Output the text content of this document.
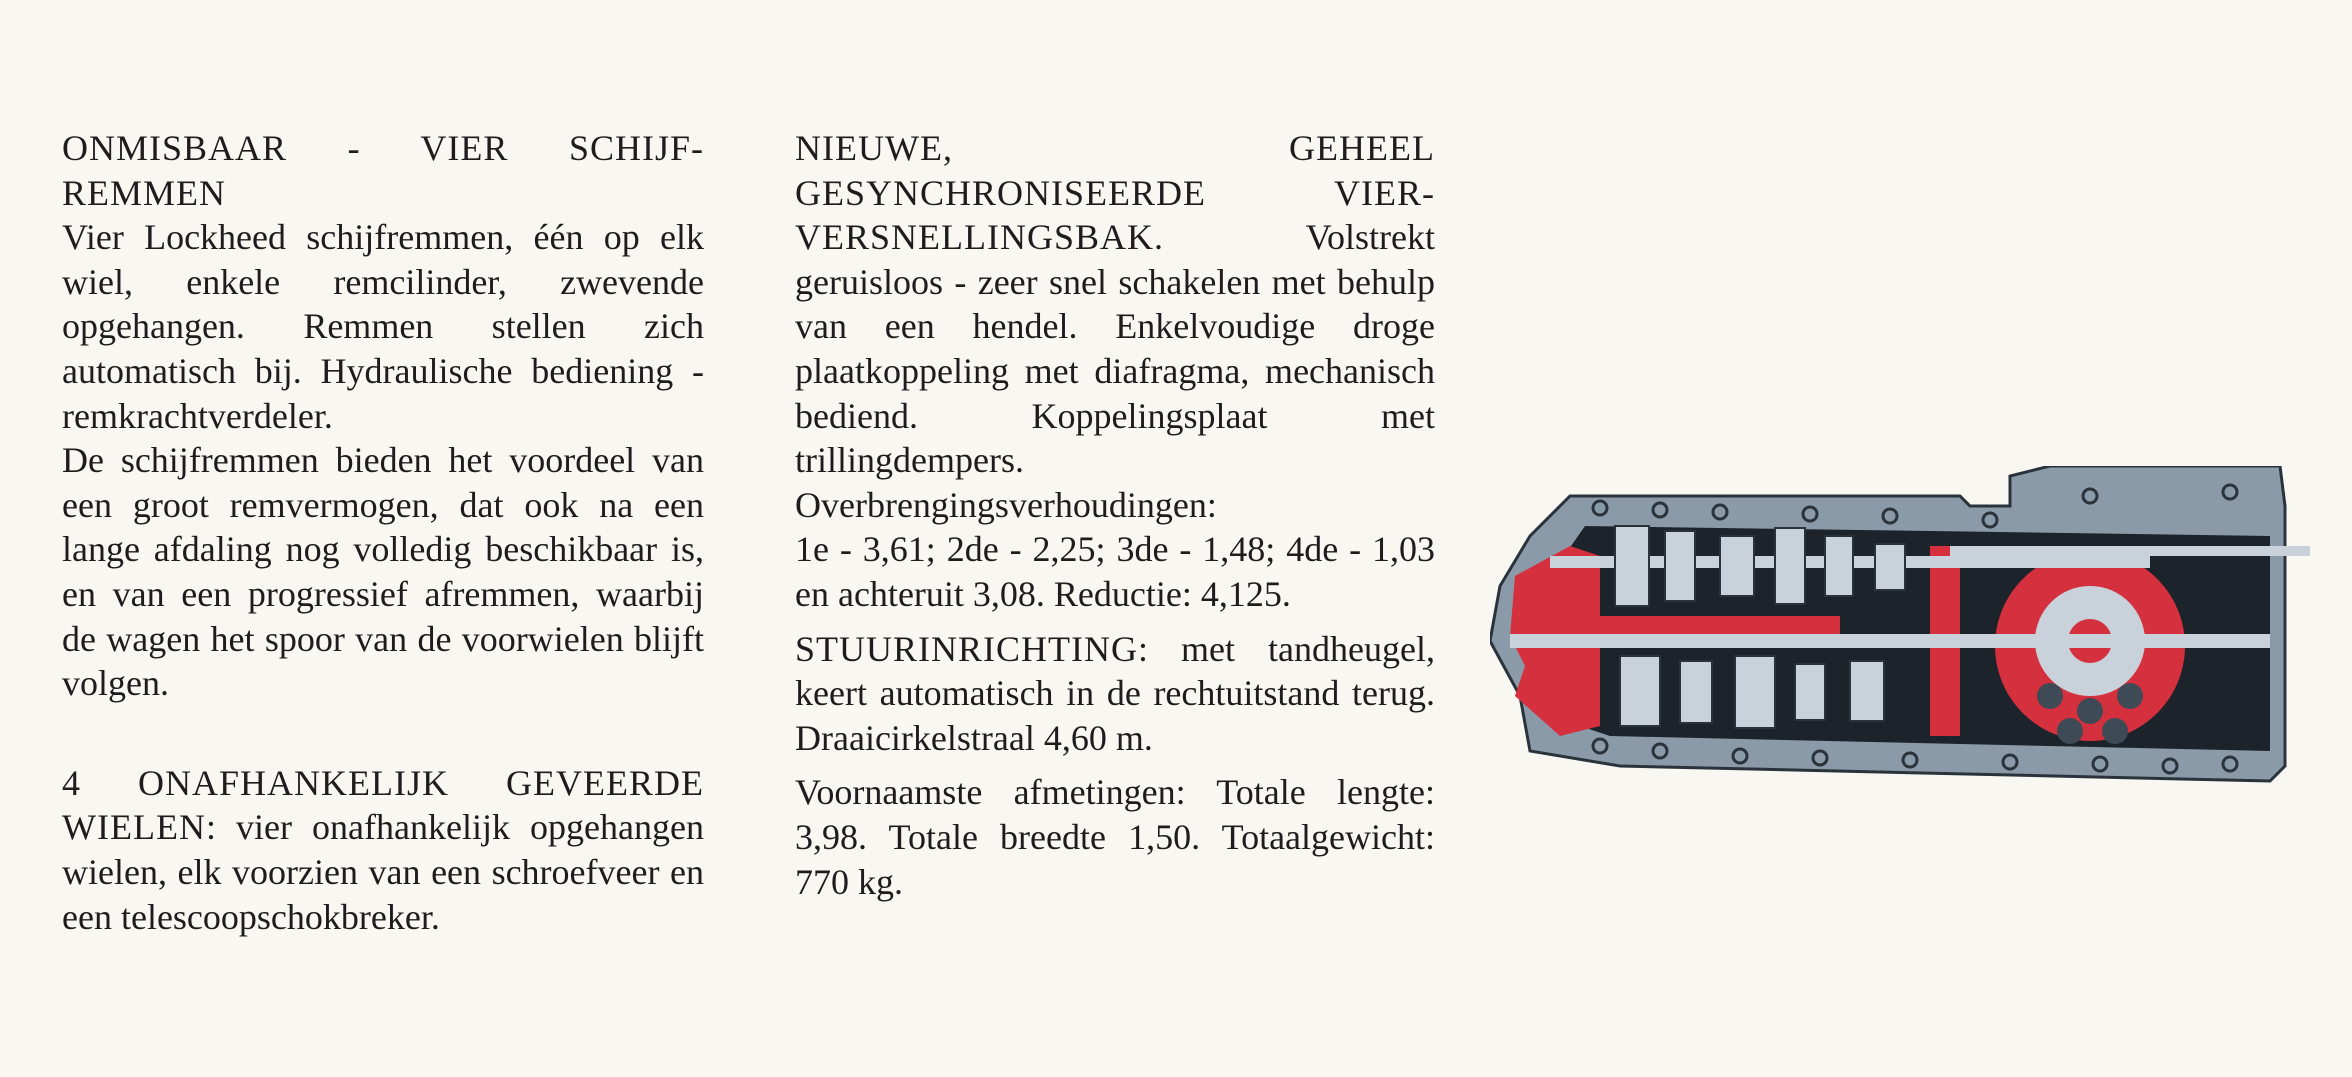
ONMISBAAR - VIER SCHIJF-REMMEN

Vier Lockheed schijfremmen, één op elk wiel, enkele remcilinder, zwevende opgehangen. Remmen stellen zich automatisch bij. Hydraulische bediening - remkrachtverdeler.

De schijfremmen bieden het voordeel van een groot remvermogen, dat ook na een lange afdaling nog volledig beschikbaar is, en van een progressief afremmen, waarbij de wagen het spoor van de voorwielen blijft volgen.

4 ONAFHANKELIJK GEVEERDE WIELEN: vier onafhankelijk opgehangen wielen, elk voorzien van een schroefveer en een telescoopschokbreker.

NIEUWE, GEHEEL GESYNCHRONISEERDE VIER-VERSNELLINGSBAK. Volstrekt geruisloos - zeer snel schakelen met behulp van een hendel. Enkelvoudige droge plaatkoppeling met diafragma, mechanisch bediend. Koppelingsplaat met trillingdempers.

Overbrengingsverhoudingen:

1e - 3,61; 2de - 2,25; 3de - 1,48; 4de - 1,03 en achteruit 3,08. Reductie: 4,125.

STUURINRICHTING: met tandheugel, keert automatisch in de rechtuitstand terug. Draaicirkelstraal 4,60 m.

Voornaamste afmetingen: Totale lengte: 3,98. Totale breedte 1,50. Totaalgewicht: 770 kg.
